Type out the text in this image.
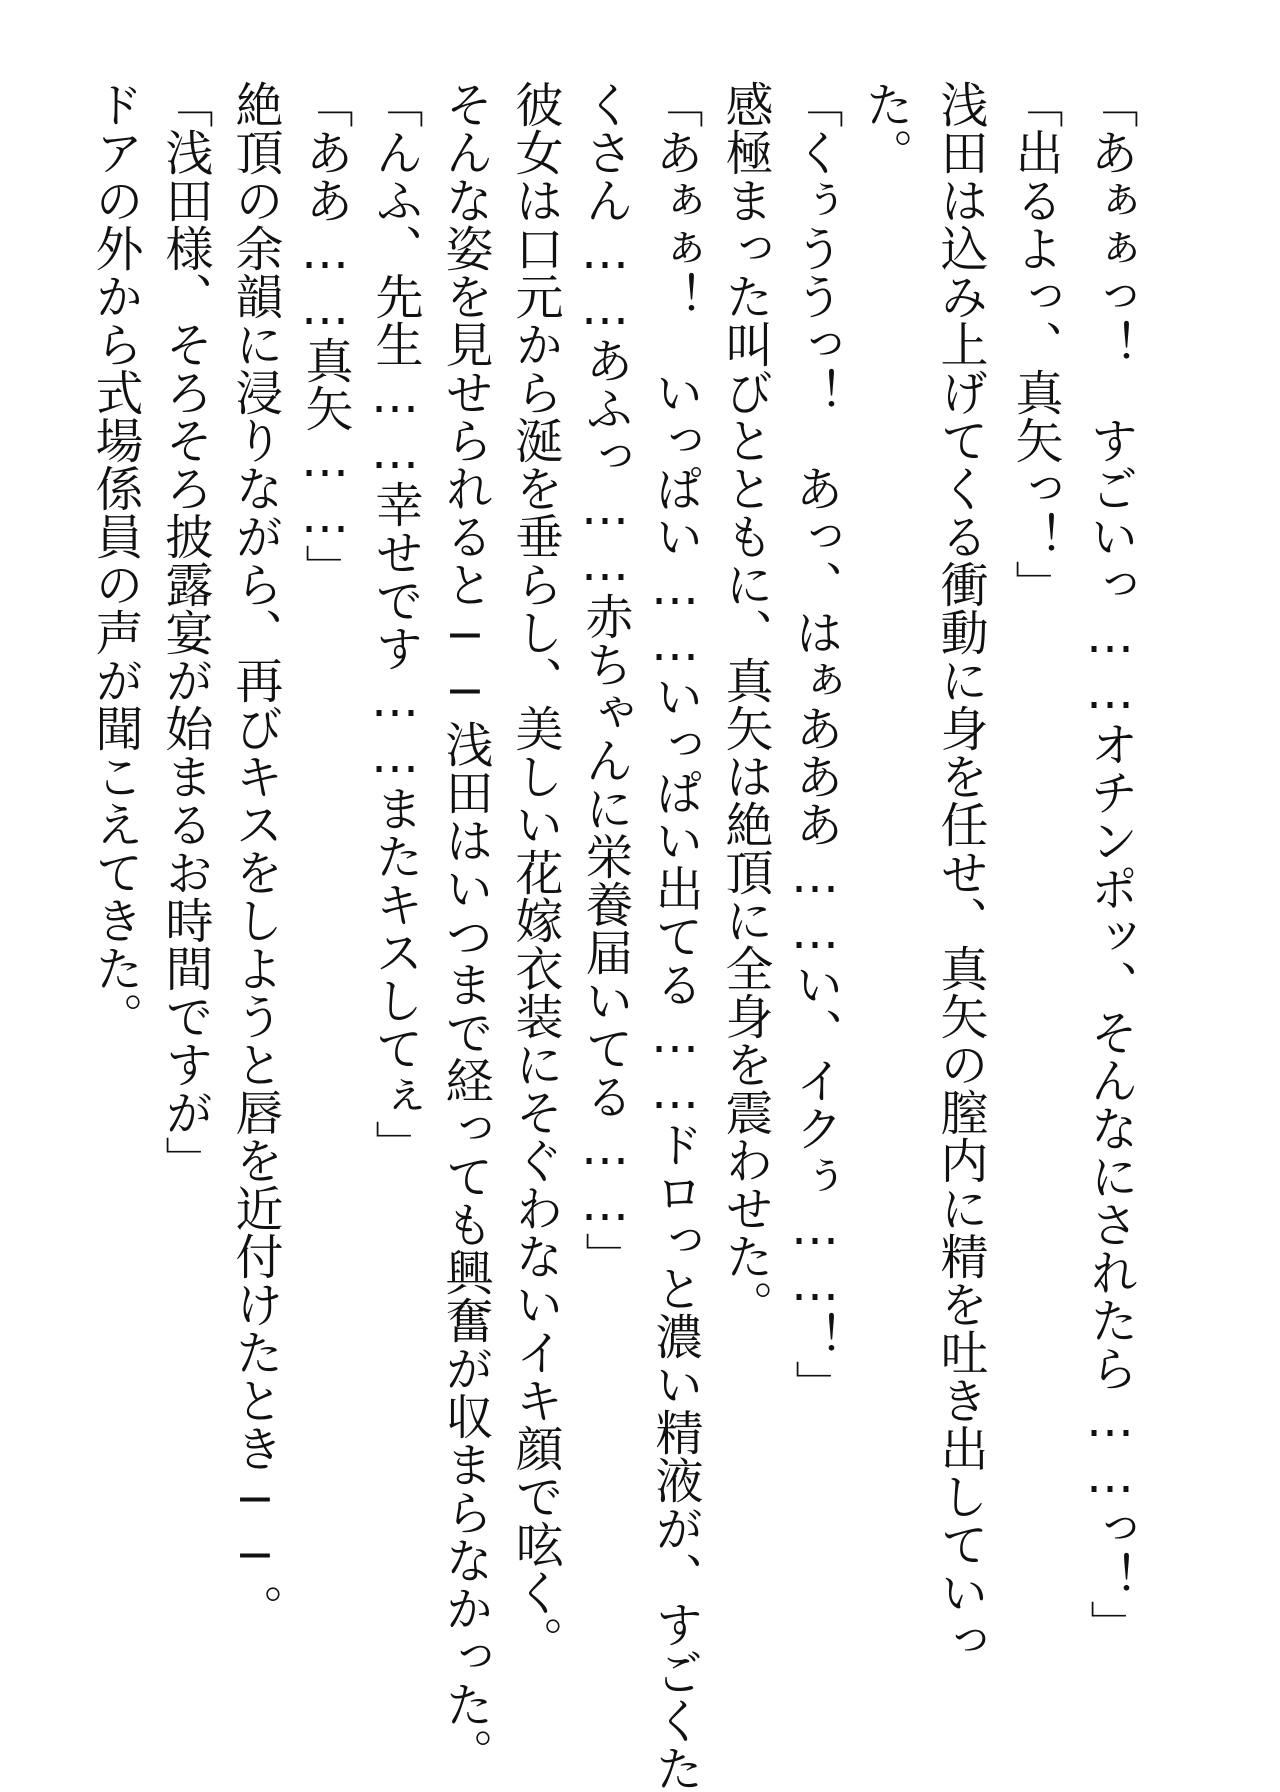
「あぁぁっ！　すごいっ……オチンポッ、そんなにされたら……っ！」
「出るよっ、真矢っ！」
浅田は込み上げてくる衝動に身を任せ、真矢の膣内に精を吐き出していっ
た。
「くぅううっ！　あっ、はぁあああ……い、イクぅ……！」
感極まった叫びとともに、真矢は絶頂に全身を震わせた。
「あぁぁ！　いっぱい……いっぱい出てる……ドロっと濃い精液が、すごくた
くさん……あふっ……赤ちゃんに栄養届いてる……」
彼女は口元から涎を垂らし、美しい花嫁衣装にそぐわないイキ顔で呟く。
そんな姿を見せられると──浅田はいつまで経っても興奮が収まらなかった。
「んふ、先生……幸せです……またキスしてぇ」
「ああ……真矢……」
絶頂の余韻に浸りながら、再びキスをしようと唇を近付けたとき──。
「浅田様、そろそろ披露宴が始まるお時間ですが」
ドアの外から式場係員の声が聞こえてきた。
